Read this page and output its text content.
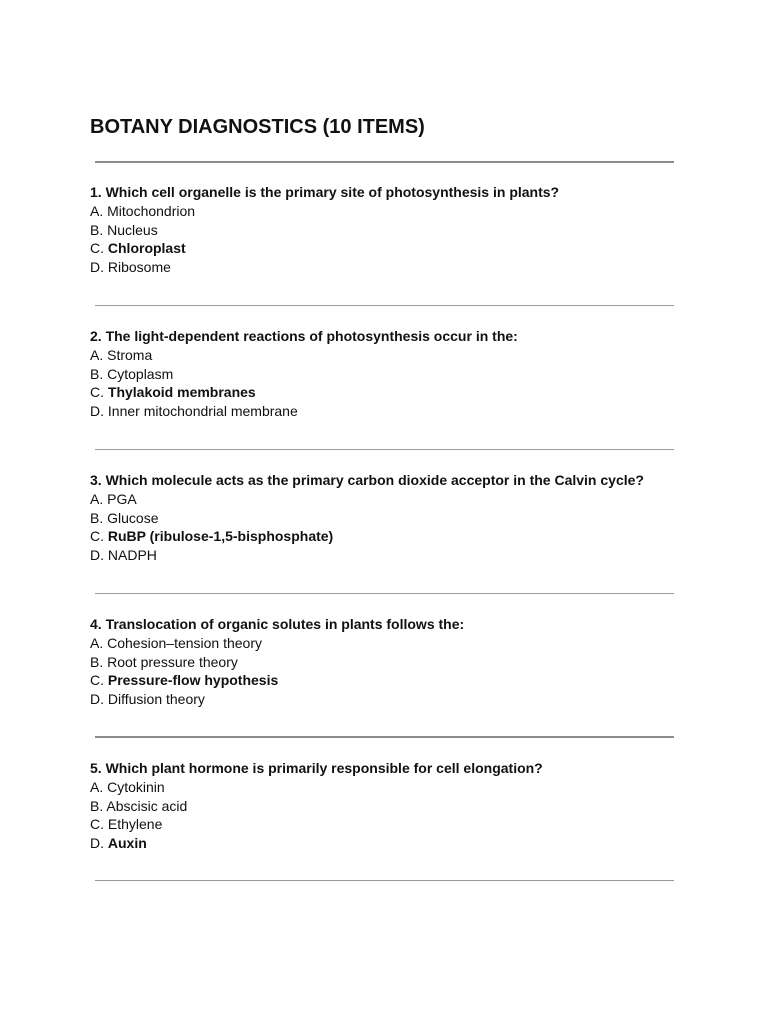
BOTANY DIAGNOSTICS (10 ITEMS)
1. Which cell organelle is the primary site of photosynthesis in plants?
A. Mitochondrion
B. Nucleus
C. Chloroplast
D. Ribosome
2. The light-dependent reactions of photosynthesis occur in the:
A. Stroma
B. Cytoplasm
C. Thylakoid membranes
D. Inner mitochondrial membrane
3. Which molecule acts as the primary carbon dioxide acceptor in the Calvin cycle?
A. PGA
B. Glucose
C. RuBP (ribulose-1,5-bisphosphate)
D. NADPH
4. Translocation of organic solutes in plants follows the:
A. Cohesion–tension theory
B. Root pressure theory
C. Pressure-flow hypothesis
D. Diffusion theory
5. Which plant hormone is primarily responsible for cell elongation?
A. Cytokinin
B. Abscisic acid
C. Ethylene
D. Auxin
